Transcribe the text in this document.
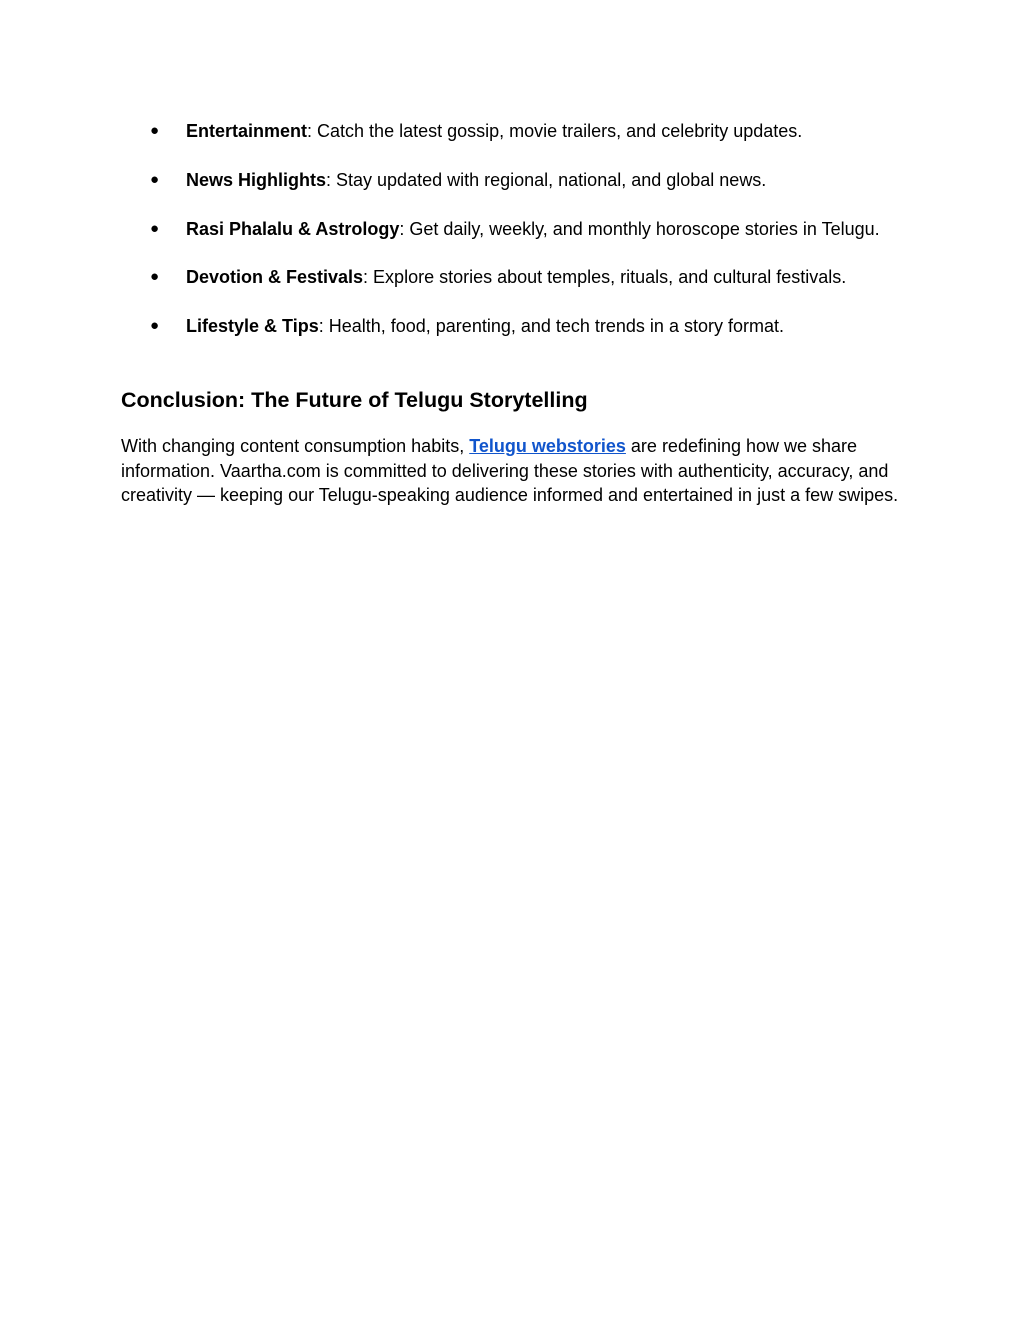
● Entertainment: Catch the latest gossip, movie trailers, and celebrity updates.
● News Highlights: Stay updated with regional, national, and global news.
● Rasi Phalalu & Astrology: Get daily, weekly, and monthly horoscope stories in Telugu.
● Devotion & Festivals: Explore stories about temples, rituals, and cultural festivals.
● Lifestyle & Tips: Health, food, parenting, and tech trends in a story format.
Conclusion: The Future of Telugu Storytelling

With changing content consumption habits, Telugu webstories are redefining how we share information. Vaartha.com is committed to delivering these stories with authenticity, accuracy, and creativity — keeping our Telugu-speaking audience informed and entertained in just a few swipes.
